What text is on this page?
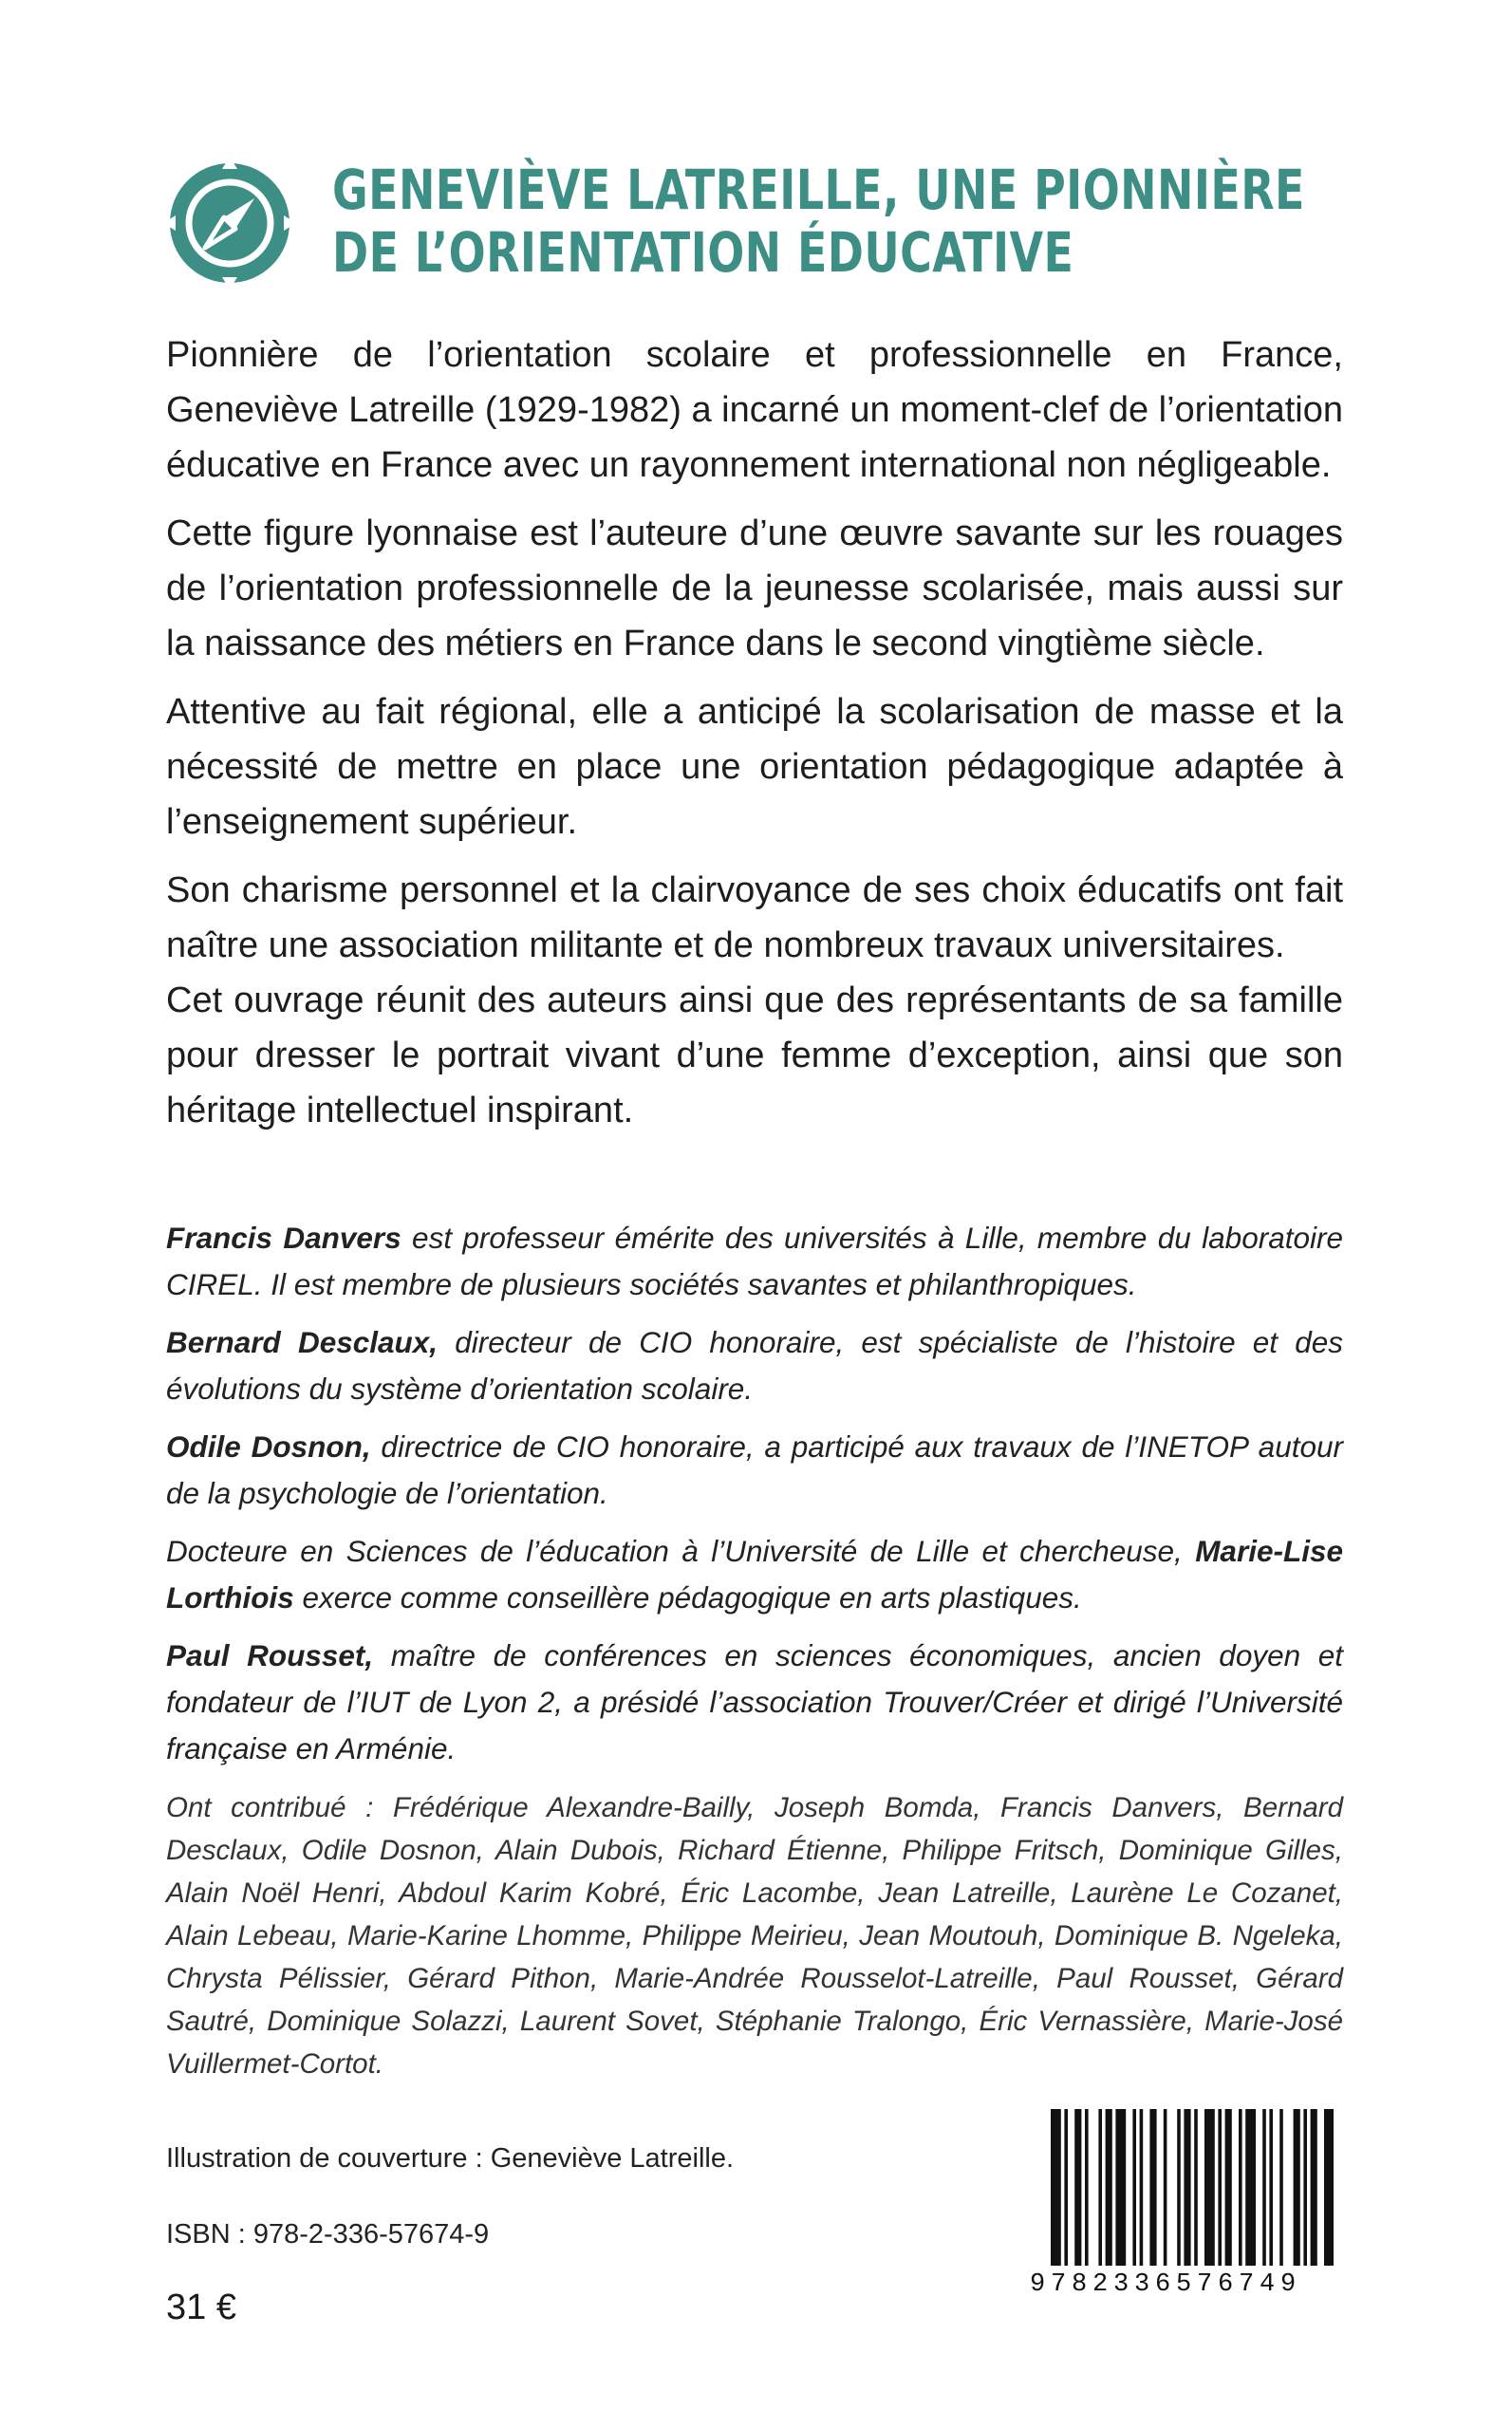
GENEVIÈVE LATREILLE, UNE PIONNIÈRE
DE L’ORIENTATION ÉDUCATIVE

Pionnière de l’orientation scolaire et professionnelle en France, Geneviève Latreille (1929-1982) a incarné un moment-clef de l’orientation éducative en France avec un rayonnement international non négligeable.

Cette figure lyonnaise est l’auteure d’une œuvre savante sur les rouages de l’orientation professionnelle de la jeunesse scolarisée, mais aussi sur la naissance des métiers en France dans le second vingtième siècle.

Attentive au fait régional, elle a anticipé la scolarisation de masse et la nécessité de mettre en place une orientation pédagogique adaptée à l’enseignement supérieur.

Son charisme personnel et la clairvoyance de ses choix éducatifs ont fait naître une association militante et de nombreux travaux universitaires.

Cet ouvrage réunit des auteurs ainsi que des représentants de sa famille pour dresser le portrait vivant d’une femme d’exception, ainsi que son héritage intellectuel inspirant.

Francis Danvers est professeur émérite des universités à Lille, membre du laboratoire CIREL. Il est membre de plusieurs sociétés savantes et philanthropiques.

Bernard Desclaux, directeur de CIO honoraire, est spécialiste de l’histoire et des évolutions du système d’orientation scolaire.

Odile Dosnon, directrice de CIO honoraire, a participé aux travaux de l’INETOP autour de la psychologie de l’orientation.

Docteure en Sciences de l’éducation à l’Université de Lille et chercheuse, Marie-Lise Lorthiois exerce comme conseillère pédagogique en arts plastiques.

Paul Rousset, maître de conférences en sciences économiques, ancien doyen et fondateur de l’IUT de Lyon 2, a présidé l’association Trouver/Créer et dirigé l’Université française en Arménie.

Ont contribué : Frédérique Alexandre-Bailly, Joseph Bomda, Francis Danvers, Bernard Desclaux, Odile Dosnon, Alain Dubois, Richard Étienne, Philippe Fritsch, Dominique Gilles, Alain Noël Henri, Abdoul Karim Kobré, Éric Lacombe, Jean Latreille, Laurène Le Cozanet, Alain Lebeau, Marie-Karine Lhomme, Philippe Meirieu, Jean Moutouh, Dominique B. Ngeleka, Chrysta Pélissier, Gérard Pithon, Marie-Andrée Rousselot-Latreille, Paul Rousset, Gérard Sautré, Dominique Solazzi, Laurent Sovet, Stéphanie Tralongo, Éric Vernassière, Marie-José Vuillermet-Cortot.

Illustration de couverture : Geneviève Latreille.
ISBN : 978-2-336-57674-9
31 €
9782336576749
